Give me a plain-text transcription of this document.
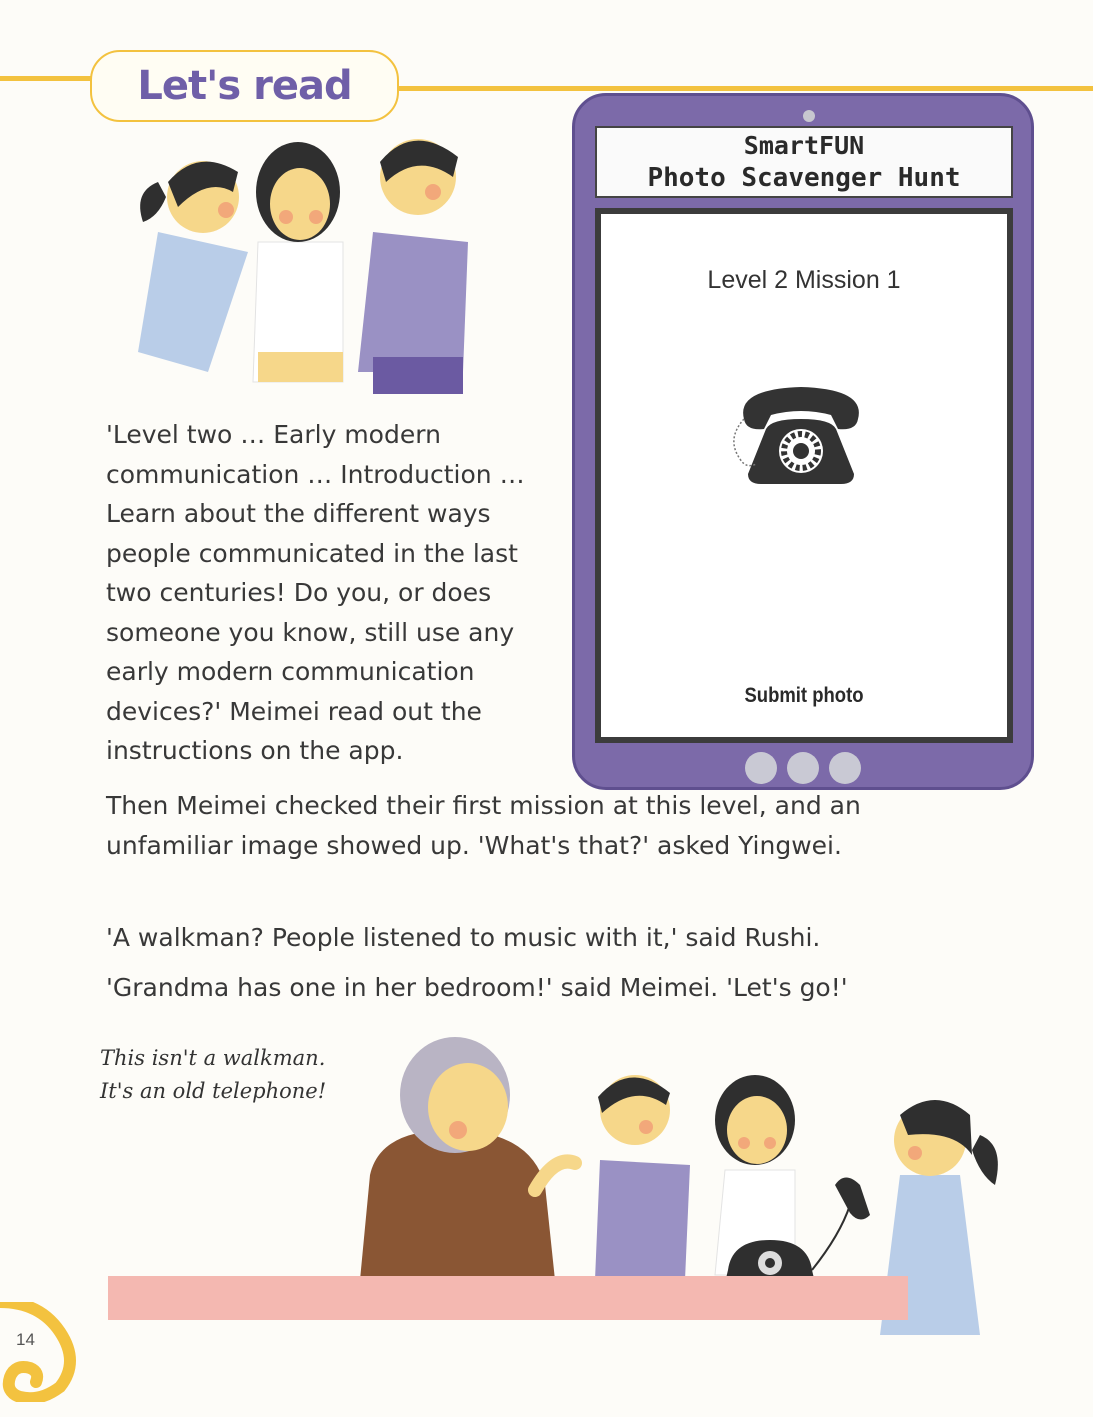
Let's read

'Level two … Early modern communication … Introduction … Learn about the different ways people communicated in the last two centuries! Do you, or does someone you know, still use any early modern communication devices?' Meimei read out the instructions on the app.

Then Meimei checked their first mission at this level, and an unfamiliar image showed up. 'What's that?' asked Yingwei.

'A walkman? People listened to music with it,' said Rushi.

'Grandma has one in her bedroom!' said Meimei. 'Let's go!'

SmartFUN
Photo Scavenger Hunt
Level 2 Mission 1
Submit photo
This isn't a walkman. It's an old telephone!
14
